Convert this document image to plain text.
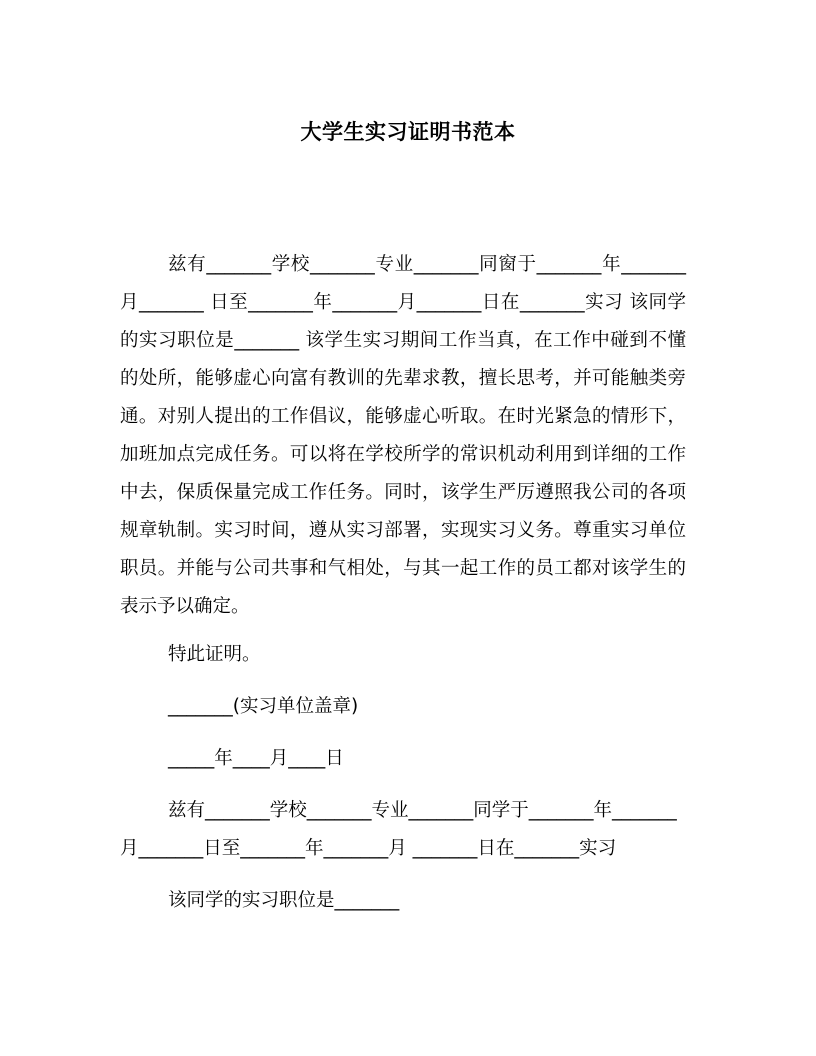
大学生实习证明书范本

兹有_______学校_______专业_______同窗于_______年_______月_______ 日至_______年_______月_______日在_______实习 该同学的实习职位是_______ 该学生实习期间工作当真，在工作中碰到不懂的处所，能够虚心向富有教训的先辈求教，擅长思考，并可能触类旁通。对别人提出的工作倡议，能够虚心听取。在时光紧急的情形下，加班加点完成任务。可以将在学校所学的常识机动利用到详细的工作中去，保质保量完成工作任务。同时，该学生严厉遵照我公司的各项规章轨制。实习时间，遵从实习部署，实现实习义务。尊重实习单位职员。并能与公司共事和气相处，与其一起工作的员工都对该学生的表示予以确定。

特此证明。

_______(实习单位盖章)

_____年____月____日

兹有_______学校_______专业_______同学于_______年_______月_______日至_______年_______月 _______日在_______实习

该同学的实习职位是_______
